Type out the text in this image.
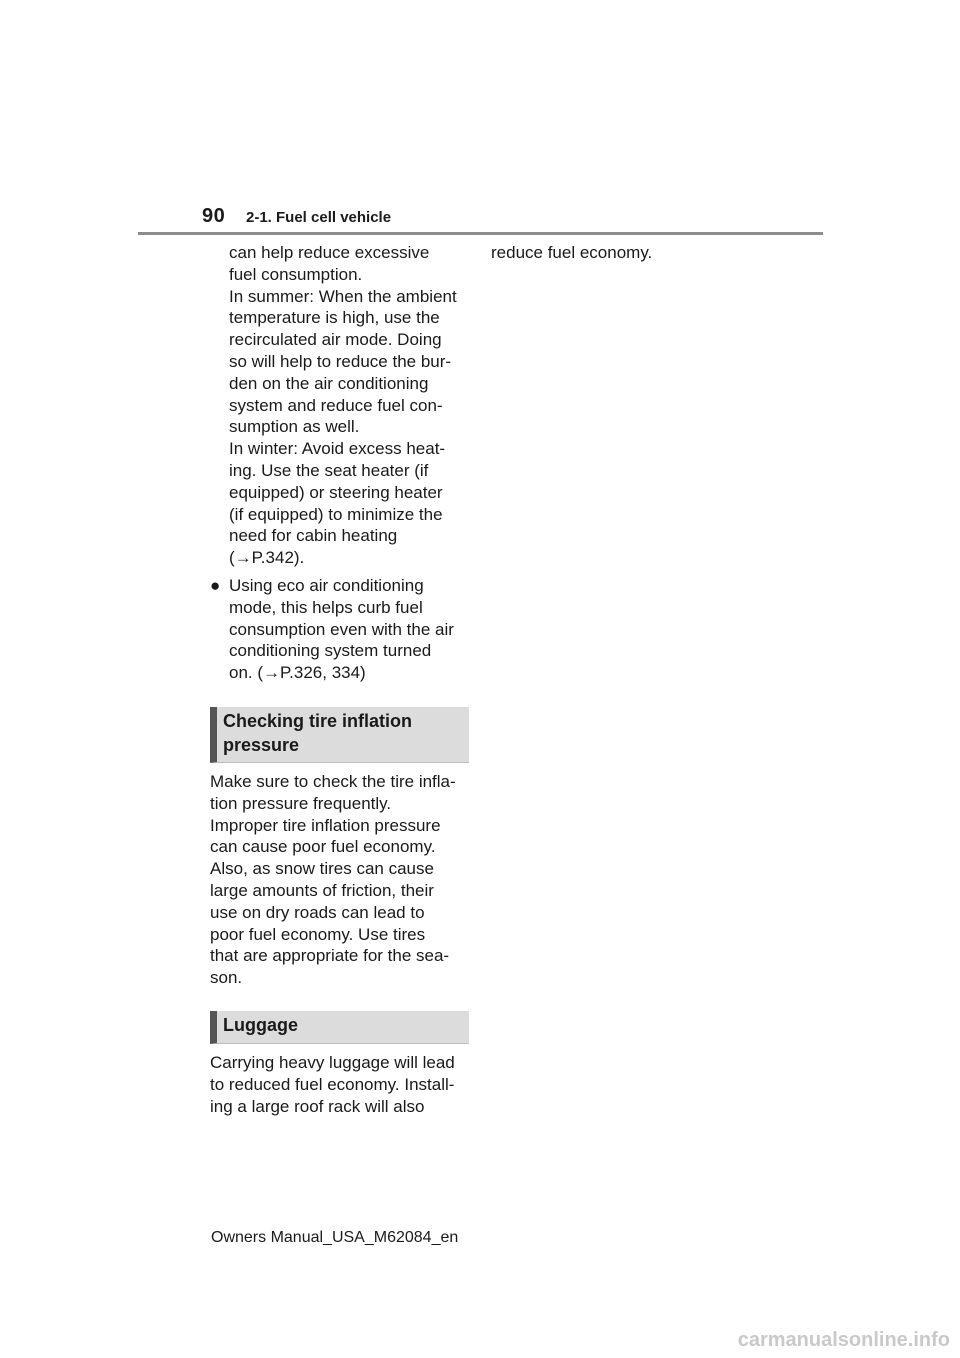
90 2-1. Fuel cell vehicle
can help reduce excessive
fuel consumption.
In summer: When the ambient
temperature is high, use the
recirculated air mode. Doing
so will help to reduce the bur-
den on the air conditioning
system and reduce fuel con-
sumption as well.
In winter: Avoid excess heat-
ing. Use the seat heater (if
equipped) or steering heater
(if equipped) to minimize the
need for cabin heating
(→P.342).
● Using eco air conditioning
mode, this helps curb fuel
consumption even with the air
conditioning system turned
on. (→P.326, 334)
Checking tire inflation
pressure
Make sure to check the tire infla-
tion pressure frequently.
Improper tire inflation pressure
can cause poor fuel economy.
Also, as snow tires can cause
large amounts of friction, their
use on dry roads can lead to
poor fuel economy. Use tires
that are appropriate for the sea-
son.
Luggage
Carrying heavy luggage will lead
to reduced fuel economy. Install-
ing a large roof rack will also
reduce fuel economy.
Owners Manual_USA_M62084_en
carmanualsonline.info
